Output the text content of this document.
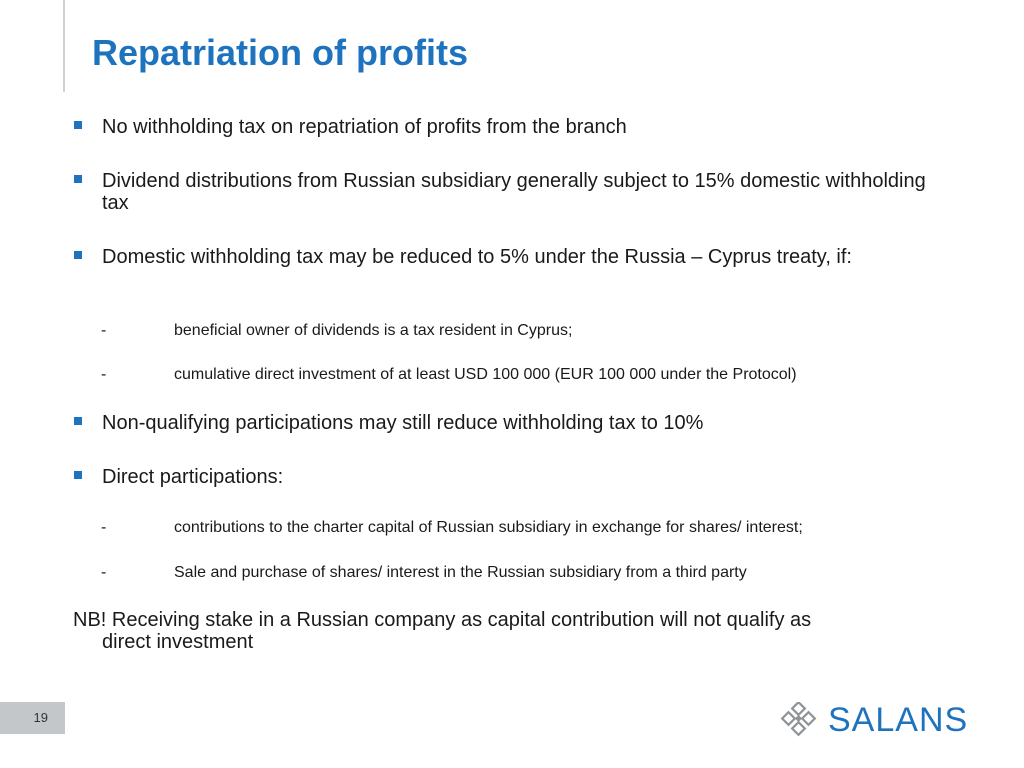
Repatriation of profits
No withholding tax on repatriation of profits from the branch
Dividend distributions from Russian subsidiary generally subject to 15% domestic withholding tax
Domestic withholding tax may be reduced to 5% under the Russia – Cyprus treaty, if:
-	beneficial owner of dividends is a tax resident in Cyprus;
-	cumulative direct investment of at least USD 100 000 (EUR 100 000 under the Protocol)
Non-qualifying participations may still reduce withholding tax to 10%
Direct participations:
-	contributions to the charter capital of Russian subsidiary in exchange for shares/ interest;
-	Sale and purchase of shares/ interest in the Russian subsidiary from a third party
NB! Receiving stake in a Russian company as capital contribution will not qualify as
direct investment
19	SALANS
